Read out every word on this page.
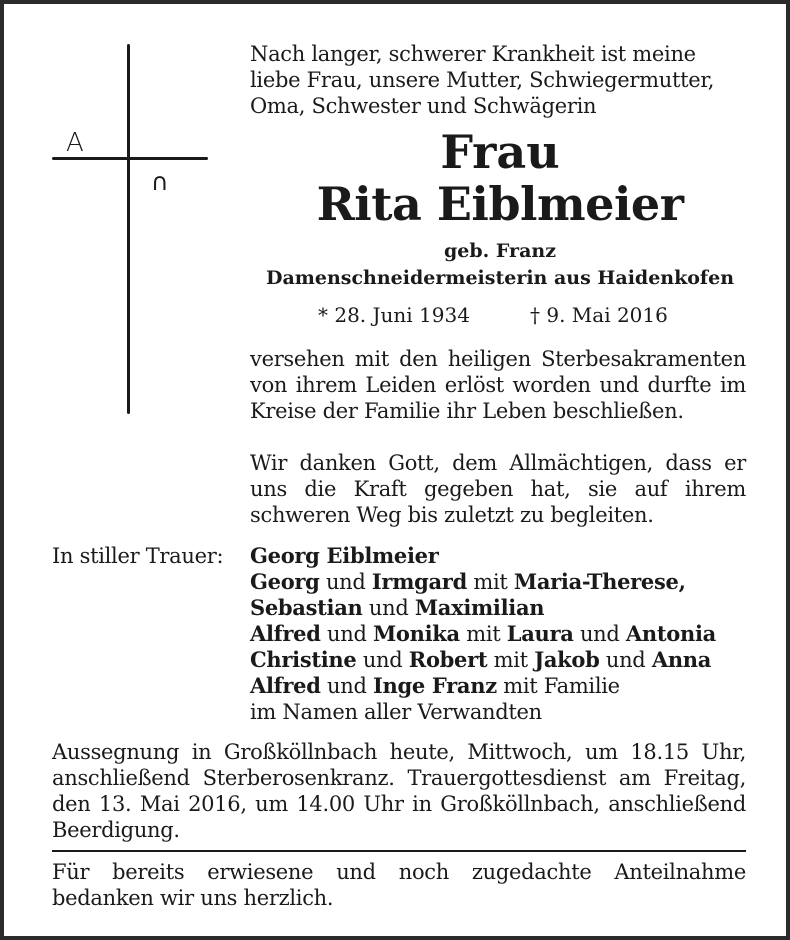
A
∩
Nach langer, schwerer Krankheit ist meine liebe Frau, unsere Mutter, Schwiegermutter, Oma, Schwester und Schwägerin
Frau
Rita Eiblmeier
geb. Franz
Damenschneidermeisterin aus Haidenkofen
* 28. Juni 1934	† 9. Mai 2016
versehen mit den heiligen Sterbesakramenten von ihrem Leiden erlöst worden und durfte im Kreise der Familie ihr Leben beschließen.
Wir danken Gott, dem Allmächtigen, dass er uns die Kraft gegeben hat, sie auf ihrem schweren Weg bis zuletzt zu begleiten.
In stiller Trauer: Georg Eiblmeier
Georg und Irmgard mit Maria-Therese,
Sebastian und Maximilian
Alfred und Monika mit Laura und Antonia
Christine und Robert mit Jakob und Anna
Alfred und Inge Franz mit Familie
im Namen aller Verwandten
Aussegnung in Großköllnbach heute, Mittwoch, um 18.15 Uhr, anschließend Sterberosenkranz. Trauergottesdienst am Freitag, den 13. Mai 2016, um 14.00 Uhr in Großköllnbach, anschließend Beerdigung.
Für bereits erwiesene und noch zugedachte Anteilnahme bedanken wir uns herzlich.
